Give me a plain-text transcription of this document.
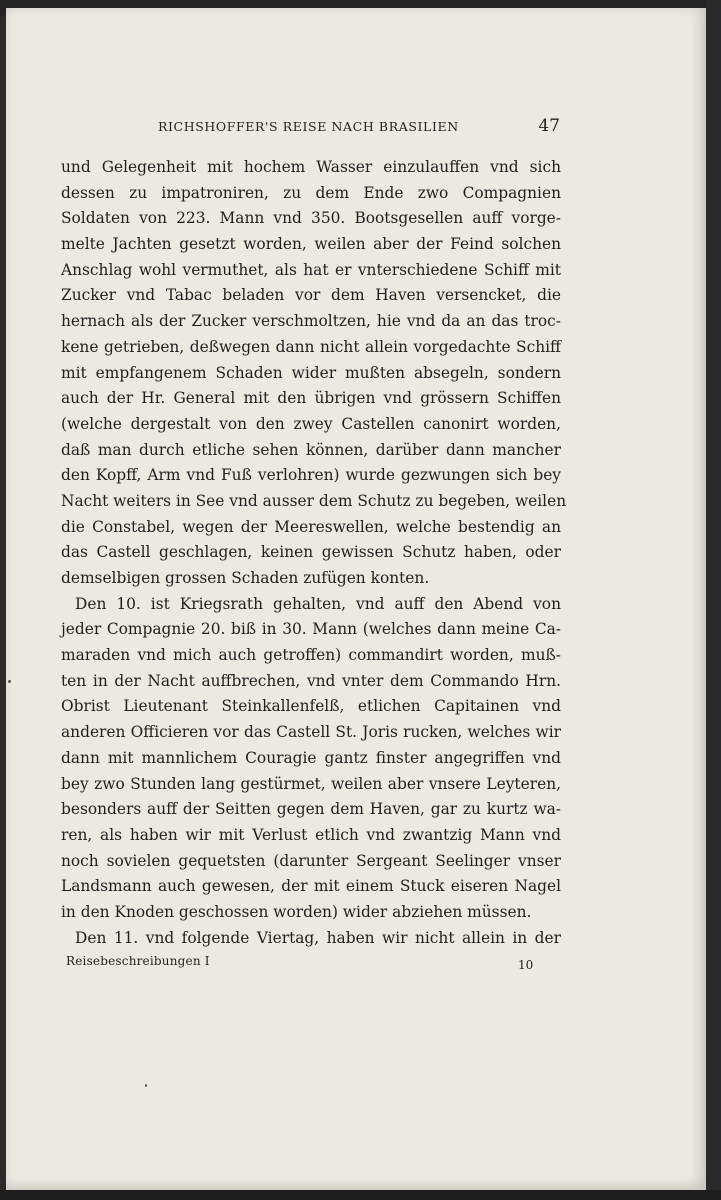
RICHSHOFFER'S REISE NACH BRASILIEN	47
und Gelegenheit mit hochem Wasser einzulauffen vnd sich
dessen zu impatroniren, zu dem Ende zwo Compagnien
Soldaten von 223. Mann vnd 350. Bootsgesellen auff vorge-
melte Jachten gesetzt worden, weilen aber der Feind solchen
Anschlag wohl vermuthet, als hat er vnterschiedene Schiff mit
Zucker vnd Tabac beladen vor dem Haven versencket, die
hernach als der Zucker verschmoltzen, hie vnd da an das troc-
kene getrieben, deßwegen dann nicht allein vorgedachte Schiff
mit empfangenem Schaden wider mußten absegeln, sondern
auch der Hr. General mit den übrigen vnd grössern Schiffen
(welche dergestalt von den zwey Castellen canonirt worden,
daß man durch etliche sehen können, darüber dann mancher
den Kopff, Arm vnd Fuß verlohren) wurde gezwungen sich bey
Nacht weiters in See vnd ausser dem Schutz zu begeben, weilen
die Constabel, wegen der Meereswellen, welche bestendig an
das Castell geschlagen, keinen gewissen Schutz haben, oder
demselbigen grossen Schaden zufügen konten.
Den 10. ist Kriegsrath gehalten, vnd auff den Abend von
jeder Compagnie 20. biß in 30. Mann (welches dann meine Ca-
maraden vnd mich auch getroffen) commandirt worden, muß-
ten in der Nacht auffbrechen, vnd vnter dem Commando Hrn.
Obrist Lieutenant Steinkallenfelß, etlichen Capitainen vnd
anderen Officieren vor das Castell St. Joris rucken, welches wir
dann mit mannlichem Couragie gantz finster angegriffen vnd
bey zwo Stunden lang gestürmet, weilen aber vnsere Leyteren,
besonders auff der Seitten gegen dem Haven, gar zu kurtz wa-
ren, als haben wir mit Verlust etlich vnd zwantzig Mann vnd
noch sovielen gequetsten (darunter Sergeant Seelinger vnser
Landsmann auch gewesen, der mit einem Stuck eiseren Nagel
in den Knoden geschossen worden) wider abziehen müssen.
Den 11. vnd folgende Viertag, haben wir nicht allein in der
Reisebeschreibungen I	10
